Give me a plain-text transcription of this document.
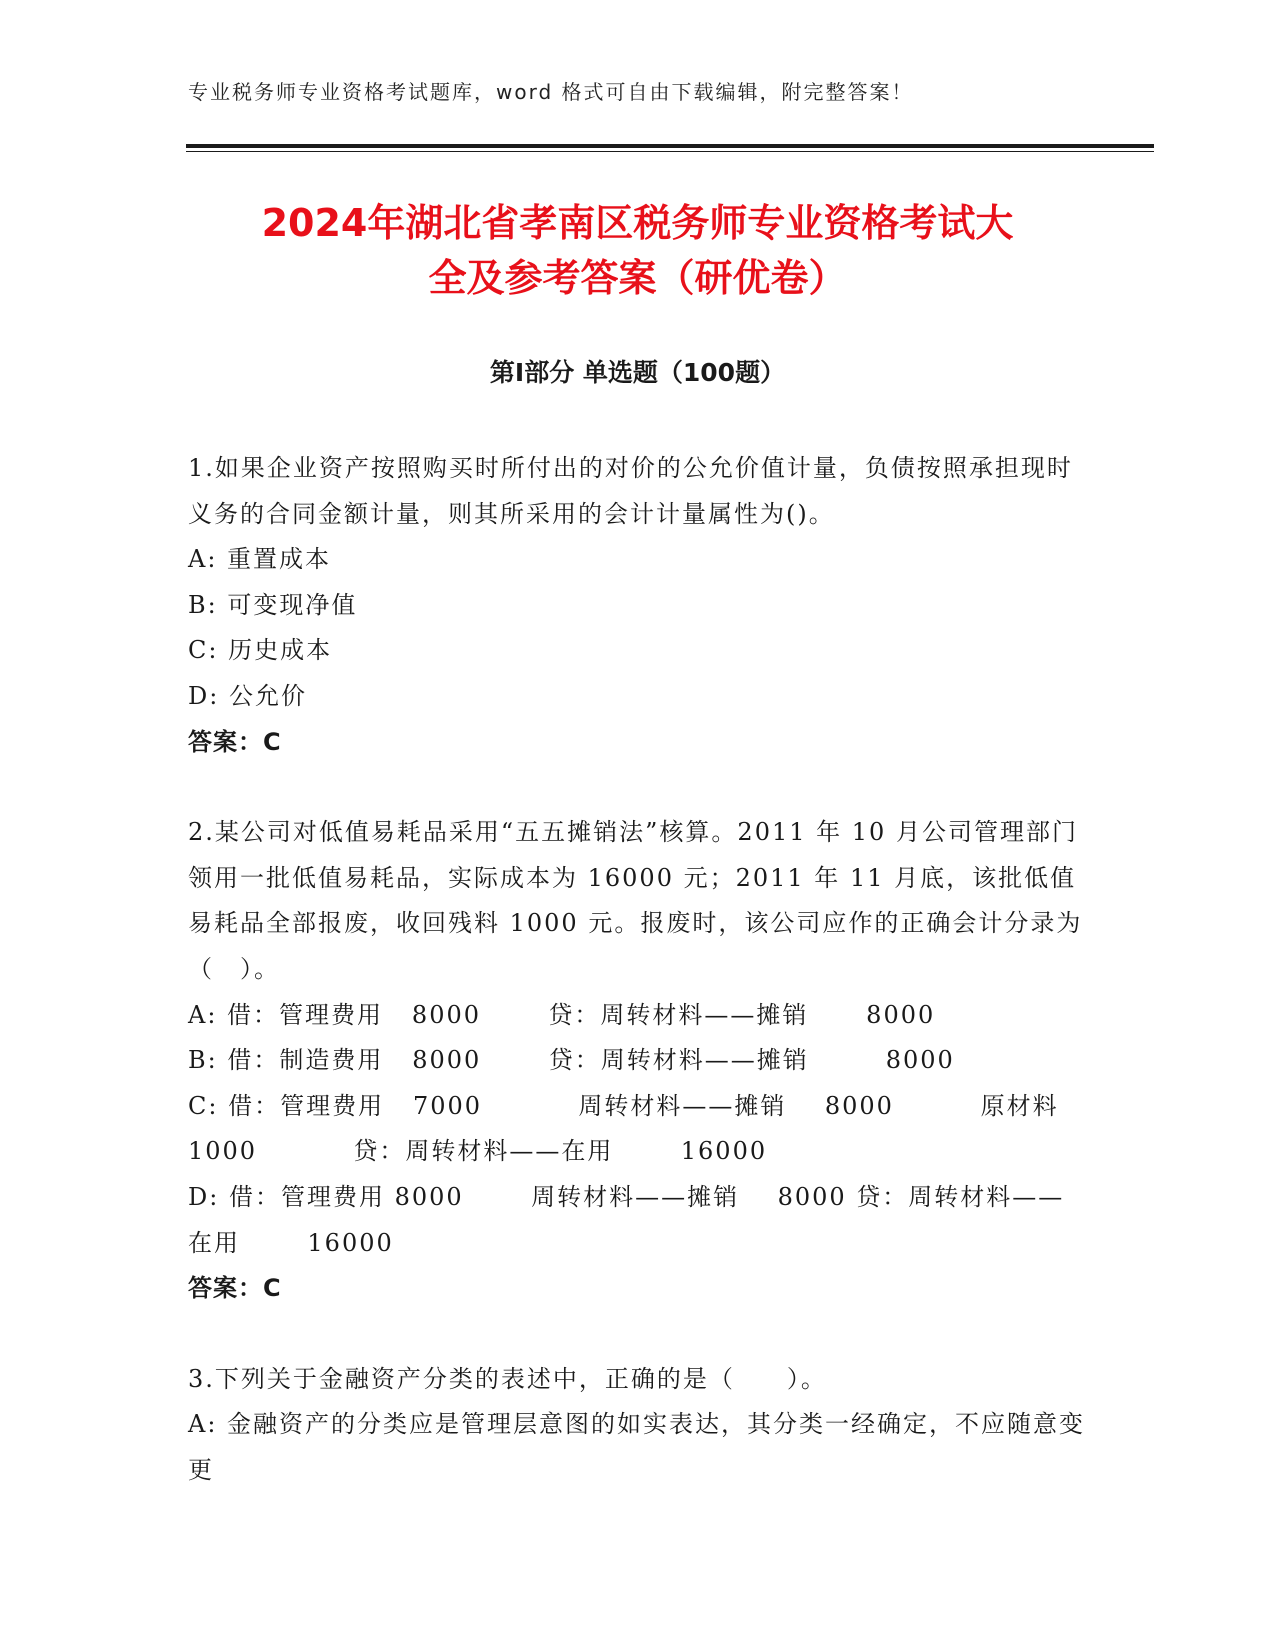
专业税务师专业资格考试题库，word 格式可自由下载编辑，附完整答案！
2024年湖北省孝南区税务师专业资格考试大
全及参考答案（研优卷）
第Ⅰ部分 单选题（100题）

1.如果企业资产按照购买时所付出的对价的公允价值计量，负债按照承担现时义务的合同金额计量，则其所采用的会计计量属性为()。

A: 重置成本

B: 可变现净值

C: 历史成本

D: 公允价

答案：C

2.某公司对低值易耗品采用“五五摊销法”核算。2011 年 10 月公司管理部门领用一批低值易耗品，实际成本为 16000 元；2011 年 11 月底，该批低值易耗品全部报废，收回残料 1000 元。报废时，该公司应作的正确会计分录为（　）。

A: 借：管理费用   8000       贷：周转材料——摊销      8000

B: 借：制造费用   8000       贷：周转材料——摊销        8000

C: 借：管理费用   7000          周转材料——摊销    8000         原材料                  1000          贷：周转材料——在用       16000

D: 借：管理费用 8000       周转材料——摊销    8000 贷：周转材料——在用       16000

答案：C

3.下列关于金融资产分类的表述中，正确的是（　　）。

A: 金融资产的分类应是管理层意图的如实表达，其分类一经确定，不应随意变更
